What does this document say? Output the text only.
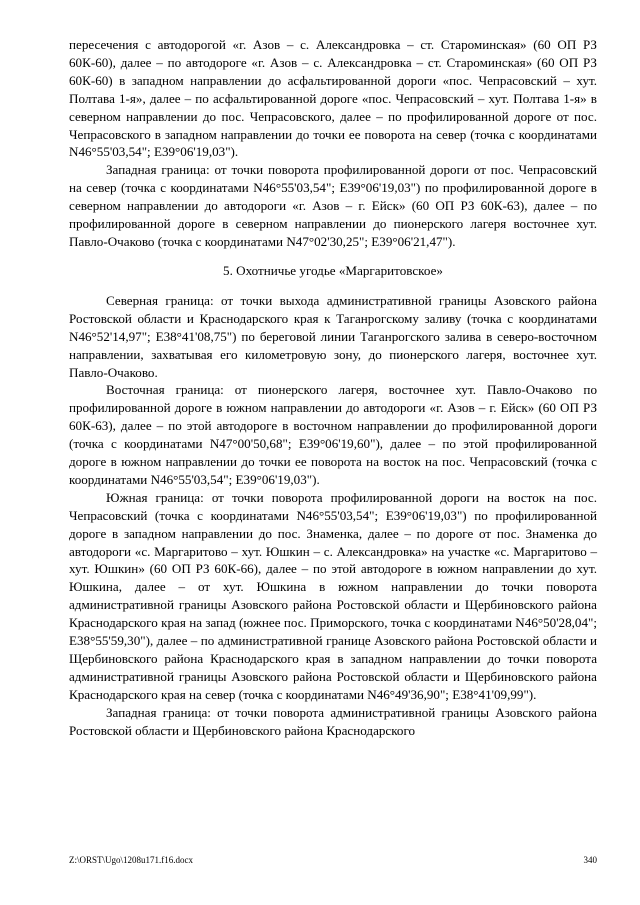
пересечения с автодорогой «г. Азов – с. Александровка – ст. Староминская» (60 ОП РЗ 60К-60), далее – по автодороге «г. Азов – с. Александровка – ст. Староминская» (60 ОП РЗ 60К-60) в западном направлении до асфальтированной дороги «пос. Чепрасовский – хут. Полтава 1-я», далее – по асфальтированной дороге «пос. Чепрасовский – хут. Полтава 1-я» в северном направлении до пос. Чепрасовского, далее – по профилированной дороге от пос. Чепрасовского в западном направлении до точки ее поворота на север (точка с координатами N46°55'03,54"; E39°06'19,03").

Западная граница: от точки поворота профилированной дороги от пос. Чепрасовский на север (точка с координатами N46°55'03,54"; E39°06'19,03") по профилированной дороге в северном направлении до автодороги «г. Азов – г. Ейск» (60 ОП РЗ 60К-63), далее – по профилированной дороге в северном направлении до пионерского лагеря восточнее хут. Павло-Очаково (точка с координатами N47°02'30,25"; E39°06'21,47").

5. Охотничье угодье «Маргаритовское»

Северная граница: от точки выхода административной границы Азовского района Ростовской области и Краснодарского края к Таганрогскому заливу (точка с координатами N46°52'14,97"; E38°41'08,75") по береговой линии Таганрогского залива в северо-восточном направлении, захватывая его километровую зону, до пионерского лагеря, восточнее хут. Павло-Очаково.

Восточная граница: от пионерского лагеря, восточнее хут. Павло-Очаково по профилированной дороге в южном направлении до автодороги «г. Азов – г. Ейск» (60 ОП РЗ 60К-63), далее – по этой автодороге в восточном направлении до профилированной дороги (точка с координатами N47°00'50,68"; E39°06'19,60"), далее – по этой профилированной дороге в южном направлении до точки ее поворота на восток на пос. Чепрасовский (точка с координатами N46°55'03,54"; E39°06'19,03").

Южная граница: от точки поворота профилированной дороги на восток на пос. Чепрасовский (точка с координатами N46°55'03,54"; E39°06'19,03") по профилированной дороге в западном направлении до пос. Знаменка, далее – по дороге от пос. Знаменка до автодороги «с. Маргаритово – хут. Юшкин – с. Александровка» на участке «с. Маргаритово – хут. Юшкин» (60 ОП РЗ 60К-66), далее – по этой автодороге в южном направлении до хут. Юшкина, далее – от хут. Юшкина в южном направлении до точки поворота административной границы Азовского района Ростовской области и Щербиновского района Краснодарского края на запад (южнее пос. Приморского, точка с координатами N46°50'28,04"; E38°55'59,30"), далее – по административной границе Азовского района Ростовской области и Щербиновского района Краснодарского края в западном направлении до точки поворота административной границы Азовского района Ростовской области и Щербиновского района Краснодарского края на север (точка с координатами N46°49'36,90"; E38°41'09,99").

Западная граница: от точки поворота административной границы Азовского района Ростовской области и Щербиновского района Краснодарского

Z:\ORST\Ugo\1208u171.f16.docx	340
